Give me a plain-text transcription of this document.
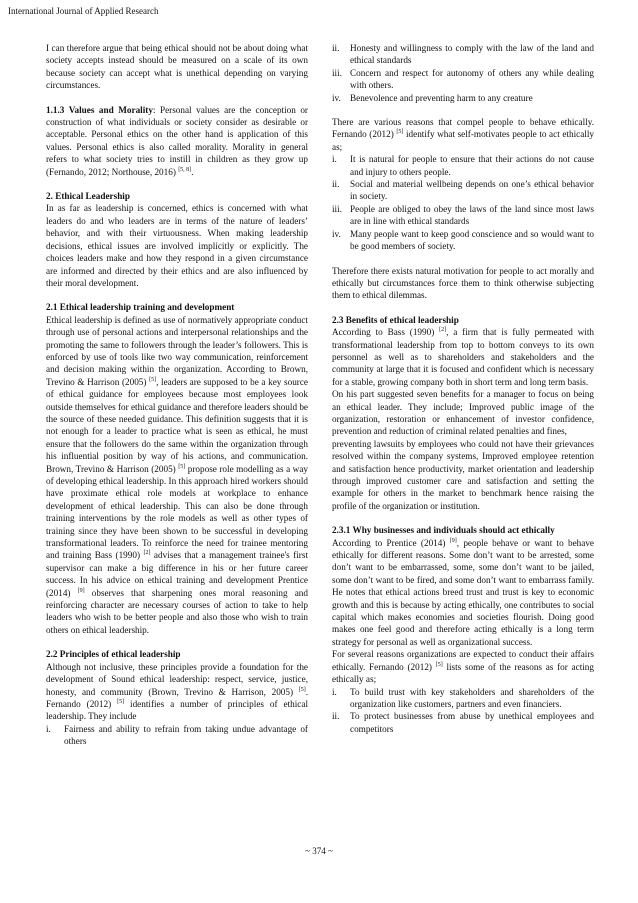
International Journal of Applied Research

I can therefore argue that being ethical should not be about doing what society accepts instead should be measured on a scale of its own because society can accept what is unethical depending on varying circumstances.

1.1.3 Values and Morality: Personal values are the conception or construction of what individuals or society consider as desirable or acceptable. Personal ethics on the other hand is application of this values. Personal ethics is also called morality. Morality in general refers to what society tries to instill in children as they grow up (Fernando, 2012; Northouse, 2016) [5, 8].

2. Ethical Leadership

In as far as leadership is concerned, ethics is concerned with what leaders do and who leaders are in terms of the nature of leaders’ behavior, and with their virtuousness. When making leadership decisions, ethical issues are involved implicitly or explicitly. The choices leaders make and how they respond in a given circumstance are informed and directed by their ethics and are also influenced by their moral development.

2.1 Ethical leadership training and development

Ethical leadership is defined as use of normatively appropriate conduct through use of personal actions and interpersonal relationships and the promoting the same to followers through the leader’s followers. This is enforced by use of tools like two way communication, reinforcement and decision making within the organization. According to Brown, Trevino & Harrison (2005) [5], leaders are supposed to be a key source of ethical guidance for employees because most employees look outside themselves for ethical guidance and therefore leaders should be the source of these needed guidance. This definition suggests that it is not enough for a leader to practice what is seen as ethical, he must ensure that the followers do the same within the organization through his influential position by way of his actions, and communication. Brown, Trevino & Harrison (2005) [5] propose role modelling as a way of developing ethical leadership. In this approach hired workers should have proximate ethical role models at workplace to enhance development of ethical leadership. This can also be done through training interventions by the role models as well as other types of training since they have been shown to be successful in developing transformational leaders. To reinforce the need for trainee mentoring and training Bass (1990) [2] advises that a management trainee's first supervisor can make a big difference in his or her future career success. In his advice on ethical training and development Prentice (2014) [9] observes that sharpening ones moral reasoning and reinforcing character are necessary courses of action to take to help leaders who wish to be better people and also those who wish to train others on ethical leadership.

2.2 Principles of ethical leadership

Although not inclusive, these principles provide a foundation for the development of Sound ethical leadership: respect, service, justice, honesty, and community (Brown, Trevino & Harrison, 2005) [5]. Fernando (2012) [5] identifies a number of principles of ethical leadership. They include

i. Fairness and ability to refrain from taking undue advantage of others
ii. Honesty and willingness to comply with the law of the land and ethical standards
iii. Concern and respect for autonomy of others any while dealing with others.
iv. Benevolence and preventing harm to any creature

There are various reasons that compel people to behave ethically. Fernando (2012) [5] identify what self-motivates people to act ethically as;

i. It is natural for people to ensure that their actions do not cause and injury to others people.
ii. Social and material wellbeing depends on one’s ethical behavior in society.
iii. People are obliged to obey the laws of the land since most laws are in line with ethical standards
iv. Many people want to keep good conscience and so would want to be good members of society.

Therefore there exists natural motivation for people to act morally and ethically but circumstances force them to think otherwise subjecting them to ethical dilemmas.

2.3 Benefits of ethical leadership

According to Bass (1990) [2], a firm that is fully permeated with transformational leadership from top to bottom conveys to its own personnel as well as to shareholders and stakeholders and the community at large that it is focused and confident which is necessary for a stable, growing company both in short term and long term basis.

On his part suggested seven benefits for a manager to focus on being an ethical leader. They include; Improved public image of the organization, restoration or enhancement of investor confidence, prevention and reduction of criminal related penalties and fines,

preventing lawsuits by employees who could not have their grievances resolved within the company systems, Improved employee retention and satisfaction hence productivity, market orientation and leadership through improved customer care and satisfaction and setting the example for others in the market to benchmark hence raising the profile of the organization or institution.

2.3.1 Why businesses and individuals should act ethically

According to Prentice (2014) [9], people behave or want to behave ethically for different reasons. Some don’t want to be arrested, some don’t want to be embarrassed, some, some don’t want to be jailed, some don’t want to be fired, and some don’t want to embarrass family. He notes that ethical actions breed trust and trust is key to economic growth and this is because by acting ethically, one contributes to social capital which makes economies and societies flourish. Doing good makes one feel good and therefore acting ethically is a long term strategy for personal as well as organizational success.

For several reasons organizations are expected to conduct their affairs ethically. Fernando (2012) [5] lists some of the reasons as for acting ethically as;

i. To build trust with key stakeholders and shareholders of the organization like customers, partners and even financiers.
ii. To protect businesses from abuse by unethical employees and competitors
~ 374 ~
